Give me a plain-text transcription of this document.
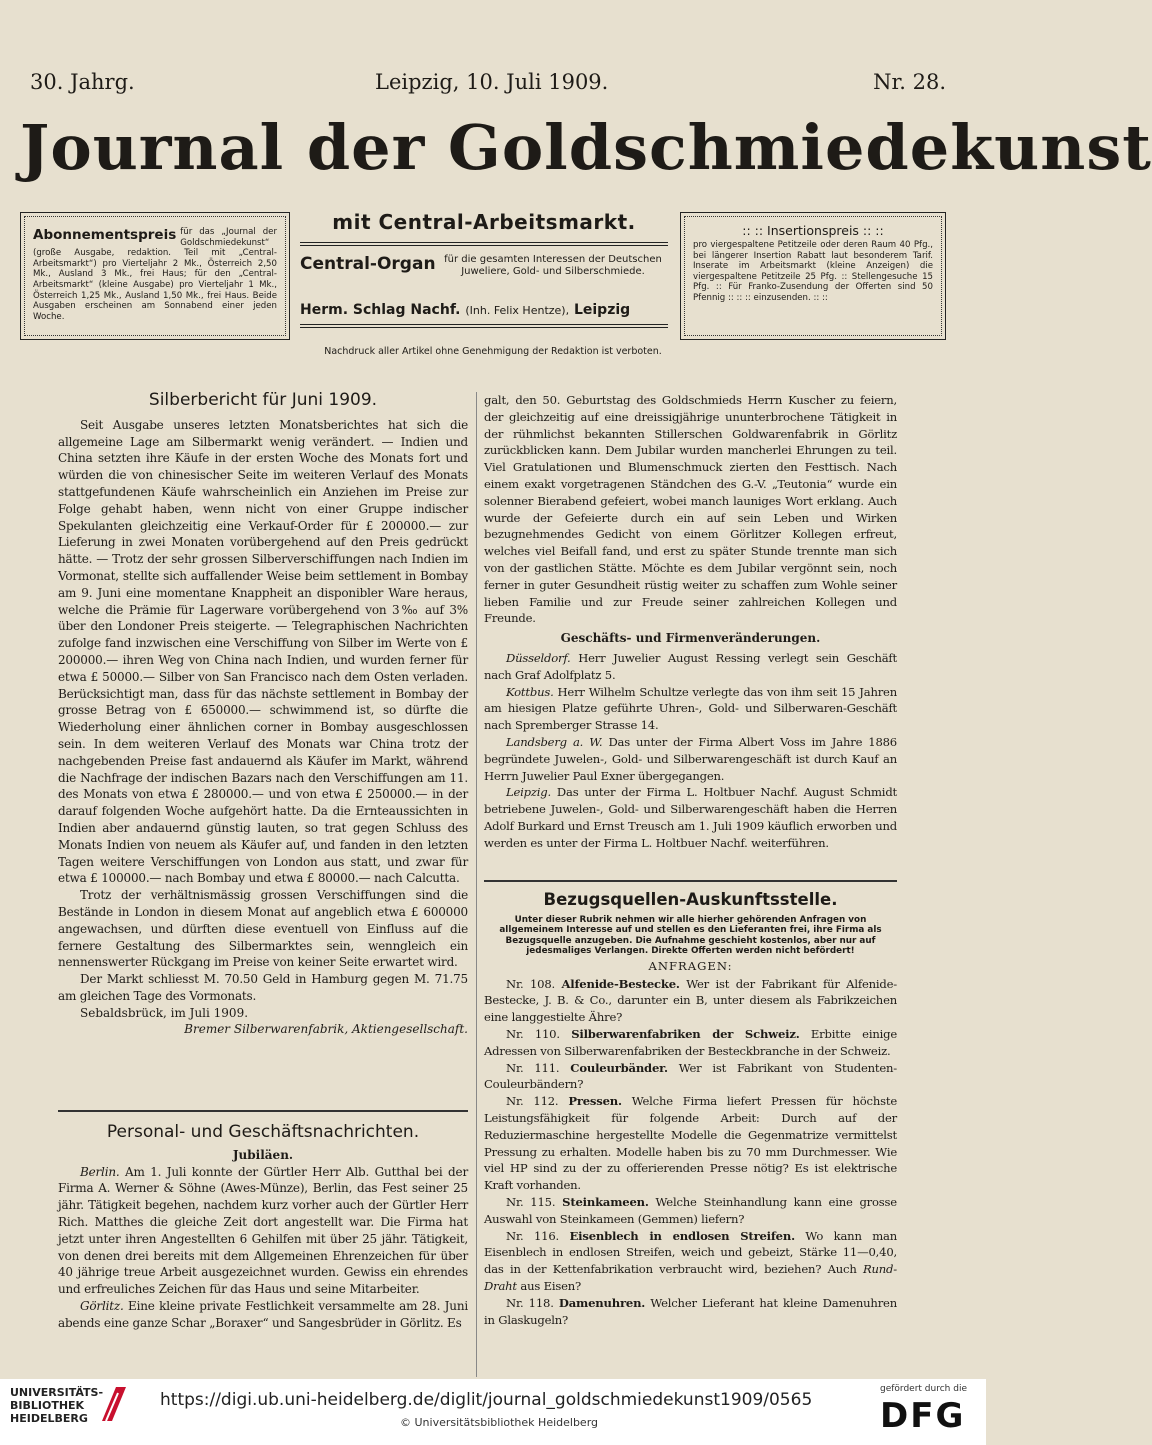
30. Jahrg.	Leipzig, 10. Juli 1909.	Nr. 28.
Journal der Goldschmiedekunst
Abonnementspreis für das „Journal der Goldschmiedekunst“ (große Ausgabe, redaktion. Teil mit „Central-Arbeitsmarkt“) pro Vierteljahr 2 Mk., Österreich 2,50 Mk., Ausland 3 Mk., frei Haus; für den „Central-Arbeitsmarkt“ (kleine Ausgabe) pro Vierteljahr 1 Mk., Österreich 1,25 Mk., Ausland 1,50 Mk., frei Haus. Beide Ausgaben erscheinen am Sonnabend einer jeden Woche.
mit Central-Arbeitsmarkt.
Central-Organ für die gesamten Interessen der Deutschen Juweliere, Gold- und Silberschmiede.
Herm. Schlag Nachf. (Inh. Felix Hentze), Leipzig
:: :: Insertionspreis :: ::
pro viergespaltene Petitzeile oder deren Raum 40 Pfg., bei längerer Insertion Rabatt laut besonderem Tarif. Inserate im Arbeitsmarkt (kleine Anzeigen) die viergespaltene Petitzeile 25 Pfg. :: Stellengesuche 15 Pfg. :: Für Franko-Zusendung der Offerten sind 50 Pfennig :: :: :: einzusenden. :: ::
Nachdruck aller Artikel ohne Genehmigung der Redaktion ist verboten.
Silberbericht für Juni 1909.

Seit Ausgabe unseres letzten Monatsberichtes hat sich die allgemeine Lage am Silbermarkt wenig verändert. — Indien und China setzten ihre Käufe in der ersten Woche des Monats fort und würden die von chinesischer Seite im weiteren Verlauf des Monats stattgefundenen Käufe wahrscheinlich ein Anziehen im Preise zur Folge gehabt haben, wenn nicht von einer Gruppe indischer Spekulanten gleichzeitig eine Verkauf-Order für £ 200000.— zur Lieferung in zwei Monaten vorübergehend auf den Preis gedrückt hätte. — Trotz der sehr grossen Silberverschiffungen nach Indien im Vormonat, stellte sich auffallender Weise beim settlement in Bombay am 9. Juni eine momentane Knappheit an disponibler Ware heraus, welche die Prämie für Lagerware vorübergehend von 3‰ auf 3% über den Londoner Preis steigerte. — Telegraphischen Nachrichten zufolge fand inzwischen eine Verschiffung von Silber im Werte von £ 200000.— ihren Weg von China nach Indien, und wurden ferner für etwa £ 50000.— Silber von San Francisco nach dem Osten verladen. Berücksichtigt man, dass für das nächste settlement in Bombay der grosse Betrag von £ 650000.— schwimmend ist, so dürfte die Wiederholung einer ähnlichen corner in Bombay ausgeschlossen sein. In dem weiteren Verlauf des Monats war China trotz der nachgebenden Preise fast andauernd als Käufer im Markt, während die Nachfrage der indischen Bazars nach den Verschiffungen am 11. des Monats von etwa £ 280000.— und von etwa £ 250000.— in der darauf folgenden Woche aufgehört hatte. Da die Ernteaussichten in Indien aber andauernd günstig lauten, so trat gegen Schluss des Monats Indien von neuem als Käufer auf, und fanden in den letzten Tagen weitere Verschiffungen von London aus statt, und zwar für etwa £ 100000.— nach Bombay und etwa £ 80000.— nach Calcutta.

Trotz der verhältnismässig grossen Verschiffungen sind die Bestände in London in diesem Monat auf angeblich etwa £ 600000 angewachsen, und dürften diese eventuell von Einfluss auf die fernere Gestaltung des Silbermarktes sein, wenngleich ein nennenswerter Rückgang im Preise von keiner Seite erwartet wird.

Der Markt schliesst M. 70.50 Geld in Hamburg gegen M. 71.75 am gleichen Tage des Vormonats.

Sebaldsbrück, im Juli 1909.

Bremer Silberwarenfabrik, Aktiengesellschaft.

Personal- und Geschäftsnachrichten.
Jubiläen.

Berlin. Am 1. Juli konnte der Gürtler Herr Alb. Gutthal bei der Firma A. Werner & Söhne (Awes-Münze), Berlin, das Fest seiner 25 jähr. Tätigkeit begehen, nachdem kurz vorher auch der Gürtler Herr Rich. Matthes die gleiche Zeit dort angestellt war. Die Firma hat jetzt unter ihren Angestellten 6 Gehilfen mit über 25 jähr. Tätigkeit, von denen drei bereits mit dem Allgemeinen Ehrenzeichen für über 40 jährige treue Arbeit ausgezeichnet wurden. Gewiss ein ehrendes und erfreuliches Zeichen für das Haus und seine Mitarbeiter.

Görlitz. Eine kleine private Festlichkeit versammelte am 28. Juni abends eine ganze Schar „Boraxer“ und Sangesbrüder in Görlitz. Es

galt, den 50. Geburtstag des Goldschmieds Herrn Kuscher zu feiern, der gleichzeitig auf eine dreissigjährige ununterbrochene Tätigkeit in der rühmlichst bekannten Stillerschen Goldwarenfabrik in Görlitz zurückblicken kann. Dem Jubilar wurden mancherlei Ehrungen zu teil. Viel Gratulationen und Blumenschmuck zierten den Festtisch. Nach einem exakt vorgetragenen Ständchen des G.-V. „Teutonia“ wurde ein solenner Bierabend gefeiert, wobei manch launiges Wort erklang. Auch wurde der Gefeierte durch ein auf sein Leben und Wirken bezugnehmendes Gedicht von einem Görlitzer Kollegen erfreut, welches viel Beifall fand, und erst zu später Stunde trennte man sich von der gastlichen Stätte. Möchte es dem Jubilar vergönnt sein, noch ferner in guter Gesundheit rüstig weiter zu schaffen zum Wohle seiner lieben Familie und zur Freude seiner zahlreichen Kollegen und Freunde.

Geschäfts- und Firmenveränderungen.

Düsseldorf. Herr Juwelier August Ressing verlegt sein Geschäft nach Graf Adolfplatz 5.

Kottbus. Herr Wilhelm Schultze verlegte das von ihm seit 15 Jahren am hiesigen Platze geführte Uhren-, Gold- und Silberwaren-Geschäft nach Spremberger Strasse 14.

Landsberg a. W. Das unter der Firma Albert Voss im Jahre 1886 begründete Juwelen-, Gold- und Silberwarengeschäft ist durch Kauf an Herrn Juwelier Paul Exner übergegangen.

Leipzig. Das unter der Firma L. Holtbuer Nachf. August Schmidt betriebene Juwelen-, Gold- und Silberwarengeschäft haben die Herren Adolf Burkard und Ernst Treusch am 1. Juli 1909 käuflich erworben und werden es unter der Firma L. Holtbuer Nachf. weiterführen.

Bezugsquellen-Auskunftsstelle.
Unter dieser Rubrik nehmen wir alle hierher gehörenden Anfragen von allgemeinem Interesse auf und stellen es den Lieferanten frei, ihre Firma als Bezugsquelle anzugeben. Die Aufnahme geschieht kostenlos, aber nur auf jedesmaliges Verlangen. Direkte Offerten werden nicht befördert!
ANFRAGEN:

Nr. 108. Alfenide-Bestecke. Wer ist der Fabrikant für Alfenide-Bestecke, J. B. & Co., darunter ein B, unter diesem als Fabrikzeichen eine langgestielte Ähre?

Nr. 110. Silberwarenfabriken der Schweiz. Erbitte einige Adressen von Silberwarenfabriken der Besteckbranche in der Schweiz.

Nr. 111. Couleurbänder. Wer ist Fabrikant von Studenten-Couleurbändern?

Nr. 112. Pressen. Welche Firma liefert Pressen für höchste Leistungsfähigkeit für folgende Arbeit: Durch auf der Reduziermaschine hergestellte Modelle die Gegenmatrize vermittelst Pressung zu erhalten. Modelle haben bis zu 70 mm Durchmesser. Wie viel HP sind zu der zu offerierenden Presse nötig? Es ist elektrische Kraft vorhanden.

Nr. 115. Steinkameen. Welche Steinhandlung kann eine grosse Auswahl von Steinkameen (Gemmen) liefern?

Nr. 116. Eisenblech in endlosen Streifen. Wo kann man Eisenblech in endlosen Streifen, weich und gebeizt, Stärke 11—0,40, das in der Kettenfabrikation verbraucht wird, beziehen? Auch Rund-Draht aus Eisen?

Nr. 118. Damenuhren. Welcher Lieferant hat kleine Damenuhren in Glaskugeln?

UNIVERSITÄTS-
BIBLIOTHEK
HEIDELBERG
https://digi.ub.uni-heidelberg.de/diglit/journal_goldschmiedekunst1909/0565
© Universitätsbibliothek Heidelberg
gefördert durch die
DFG
